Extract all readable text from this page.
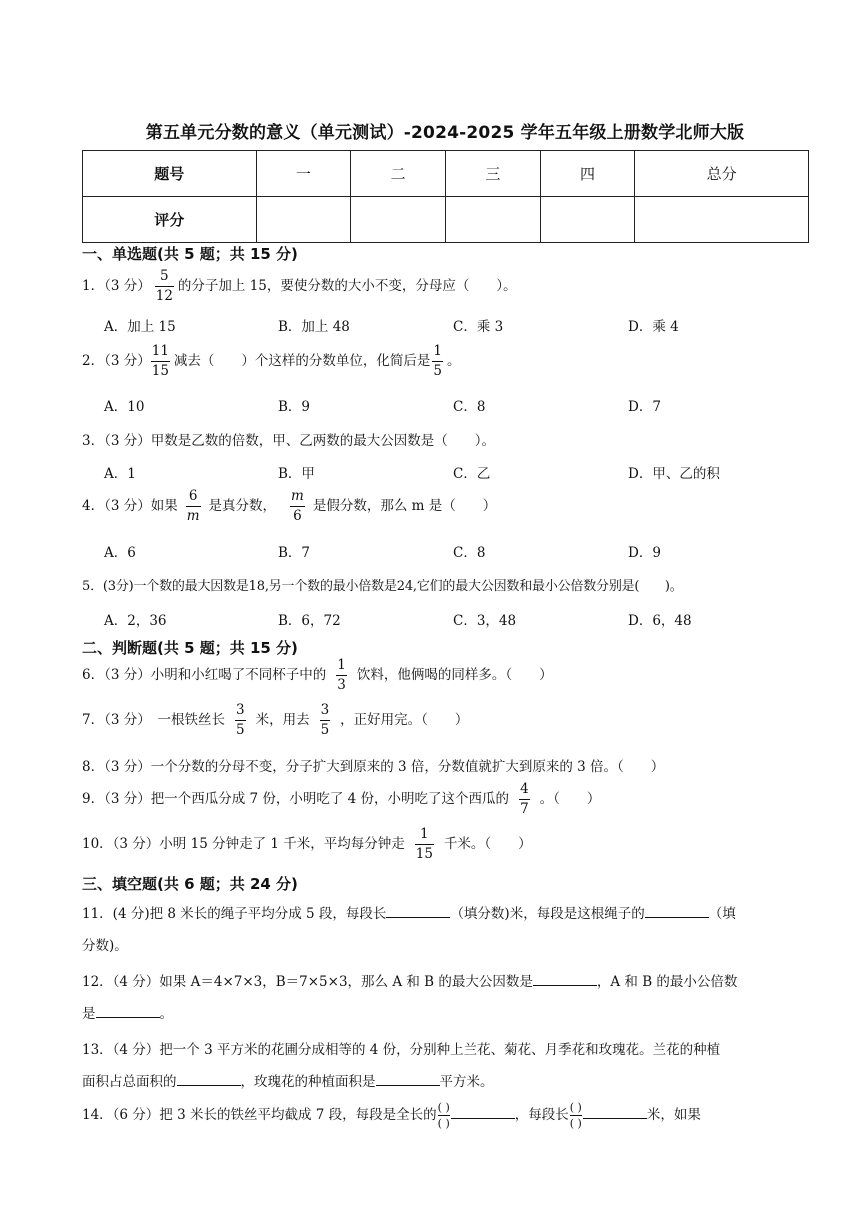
第五单元分数的意义（单元测试）-2024-2025 学年五年级上册数学北师大版
题号	一	二	三	四	总分
评分					
一、单选题(共 5 题；共 15 分)
1．（3 分） $\frac{5}{12}$ 的分子加上 15，要使分数的大小不变，分母应（　　）。
A．加上 15	B．加上 48	C．乘 3	D．乘 4
2．（3 分） $\frac{11}{15}$ 减去（　　）个这样的分数单位，化简后是 $\frac{1}{5}$ 。
A．10	B．9	C．8	D．7
3．（3 分）甲数是乙数的倍数，甲、乙两数的最大公因数是（　　）。
A．1	B．甲	C．乙	D．甲、乙的积
4．（3 分）如果 $\frac{6}{m}$ 是真分数， $\frac{m}{6}$ 是假分数，那么 m 是（　　）
A．6	B．7	C．8	D．9
5．(3分)一个数的最大因数是18,另一个数的最小倍数是24,它们的最大公因数和最小公倍数分别是(　　)。
A．2，36	B．6，72	C．3，48	D．6，48
二、判断题(共 5 题；共 15 分)
6．（3 分）小明和小红喝了不同杯子中的 $\frac{1}{3}$ 饮料，他俩喝的同样多。（　　）
7．（3 分）　一根铁丝长 $\frac{3}{5}$ 米，用去 $\frac{3}{5}$ ，正好用完。（　　）
8．（3 分）一个分数的分母不变，分子扩大到原来的 3 倍，分数值就扩大到原来的 3 倍。（　　）
9．（3 分）把一个西瓜分成 7 份，小明吃了 4 份，小明吃了这个西瓜的 $\frac{4}{7}$ 。（　　）
10．（3 分）小明 15 分钟走了 1 千米，平均每分钟走 $\frac{1}{15}$ 千米。（　　）
三、填空题(共 6 题；共 24 分)
11．(4 分)把 8 米长的绳子平均分成 5 段，每段长	（填分数)米，每段是这根绳子的	（填
分数)。
12．（4 分）如果 A＝4×7×3，B＝7×5×3，那么 A 和 B 的最大公因数是	，A 和 B 的最小公倍数
是	。
13．（4 分）把一个 3 平方米的花圃分成相等的 4 份，分别种上兰花、菊花、月季花和玫瑰花。兰花的种植
面积占总面积的	，玫瑰花的种植面积是	平方米。
14．（6 分）把 3 米长的铁丝平均截成 7 段，每段是全长的 ( )
( )
，每段长 ( )
( )
米，如果
